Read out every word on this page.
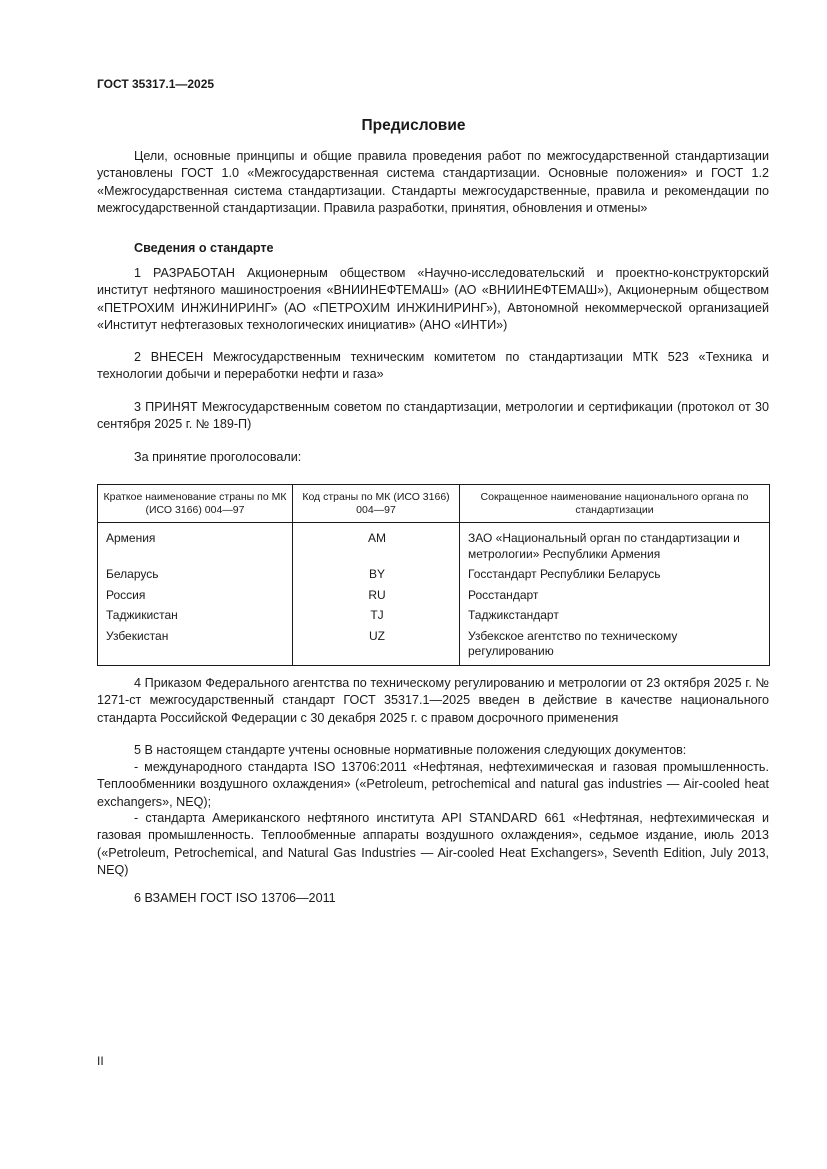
ГОСТ 35317.1—2025
Предисловие

Цели, основные принципы и общие правила проведения работ по межгосударственной стандартизации установлены ГОСТ 1.0 «Межгосударственная система стандартизации. Основные положения» и ГОСТ 1.2 «Межгосударственная система стандартизации. Стандарты межгосударственные, правила и рекомендации по межгосударственной стандартизации. Правила разработки, принятия, обновления и отмены»

Сведения о стандарте

1 РАЗРАБОТАН Акционерным обществом «Научно-исследовательский и проектно-конструкторский институт нефтяного машиностроения «ВНИИНЕФТЕМАШ» (АО «ВНИИНЕФТЕМАШ»), Акционерным обществом «ПЕТРОХИМ ИНЖИНИРИНГ» (АО «ПЕТРОХИМ ИНЖИНИРИНГ»), Автономной некоммерческой организацией «Институт нефтегазовых технологических инициатив» (АНО «ИНТИ»)

2 ВНЕСЕН Межгосударственным техническим комитетом по стандартизации МТК 523 «Техника и технологии добычи и переработки нефти и газа»

3 ПРИНЯТ Межгосударственным советом по стандартизации, метрологии и сертификации (протокол от 30 сентября 2025 г. № 189-П)

За принятие проголосовали:
Краткое наименование страны по МК (ИСО 3166) 004—97	Код страны по МК (ИСО 3166) 004—97	Сокращенное наименование национального органа по стандартизации
Армения	AM	ЗАО «Национальный орган по стандартизации и метрологии» Республики Армения
Беларусь	BY	Госстандарт Республики Беларусь
Россия	RU	Росстандарт
Таджикистан	TJ	Таджикстандарт
Узбекистан	UZ	Узбекское агентство по техническому регулированию

4 Приказом Федерального агентства по техническому регулированию и метрологии от 23 октября 2025 г. № 1271-ст межгосударственный стандарт ГОСТ 35317.1—2025 введен в действие в качестве национального стандарта Российской Федерации с 30 декабря 2025 г. с правом досрочного применения

5 В настоящем стандарте учтены основные нормативные положения следующих документов:

- международного стандарта ISO 13706:2011 «Нефтяная, нефтехимическая и газовая промышленность. Теплообменники воздушного охлаждения» («Petroleum, petrochemical and natural gas industries — Air-cooled heat exchangers», NEQ);

- стандарта Американского нефтяного института API STANDARD 661 «Нефтяная, нефтехимическая и газовая промышленность. Теплообменные аппараты воздушного охлаждения», седьмое издание, июль 2013 («Petroleum, Petrochemical, and Natural Gas Industries — Air-cooled Heat Exchangers», Seventh Edition, July 2013, NEQ)

6 ВЗАМЕН ГОСТ ISO 13706—2011

II
